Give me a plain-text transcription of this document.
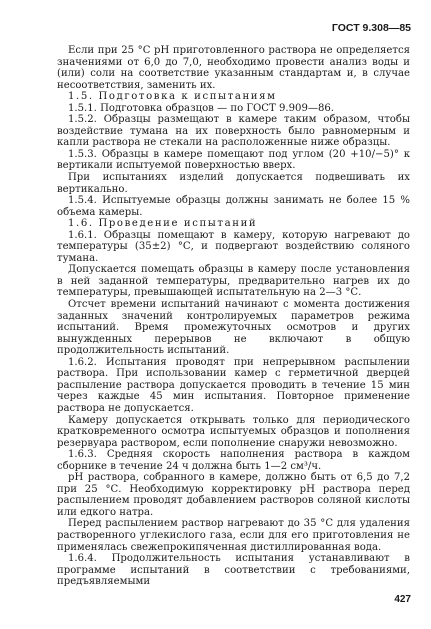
ГОСТ 9.308—85

Если при 25 °С pH приготовленного раствора не определяется значениями от 6,0 до 7,0, необходимо провести анализ воды и (или) соли на соответствие указанным стандартам и, в случае несоответствия, заменить их.

1.5. Подготовка к испытаниям

1.5.1. Подготовка образцов — по ГОСТ 9.909—86.

1.5.2. Образцы размещают в камере таким образом, чтобы воздействие тумана на их поверхность было равномерным и капли раствора не стекали на расположенные ниже образцы.

1.5.3. Образцы в камере помещают под углом (20 +10/−5)° к вертикали испытуемой поверхностью вверх.

При испытаниях изделий допускается подвешивать их вертикально.

1.5.4. Испытуемые образцы должны занимать не более 15 % объема камеры.

1.6. Проведение испытаний

1.6.1. Образцы помещают в камеру, которую нагревают до температуры (35±2) °С, и подвергают воздействию соляного тумана.

Допускается помещать образцы в камеру после установления в ней заданной температуры, предварительно нагрев их до температуры, превышающей испытательную на 2—3 °С.

Отсчет времени испытаний начинают с момента достижения заданных значений контролируемых параметров режима испытаний. Время промежуточных осмотров и других вынужденных перерывов не включают в общую продолжительность испытаний.

1.6.2. Испытания проводят при непрерывном распылении раствора. При использовании камер с герметичной дверцей распыление раствора допускается проводить в течение 15 мин через каждые 45 мин испытания. Повторное применение раствора не допускается.

Камеру допускается открывать только для периодического кратковременного осмотра испытуемых образцов и пополнения резервуара раствором, если пополнение снаружи невозможно.

1.6.3. Средняя скорость наполнения раствора в каждом сборнике в течение 24 ч должна быть 1—2 см³/ч.

pH раствора, собранного в камере, должно быть от 6,5 до 7,2 при 25 °С. Необходимую корректировку pH раствора перед распылением проводят добавлением растворов соляной кислоты или едкого натра.

Перед распылением раствор нагревают до 35 °С для удаления растворенного углекислого газа, если для его приготовления не применялась свежепрокипяченная дистиллированная вода.

1.6.4. Продолжительность испытания устанавливают в программе испытаний в соответствии с требованиями, предъявляемыми

427
